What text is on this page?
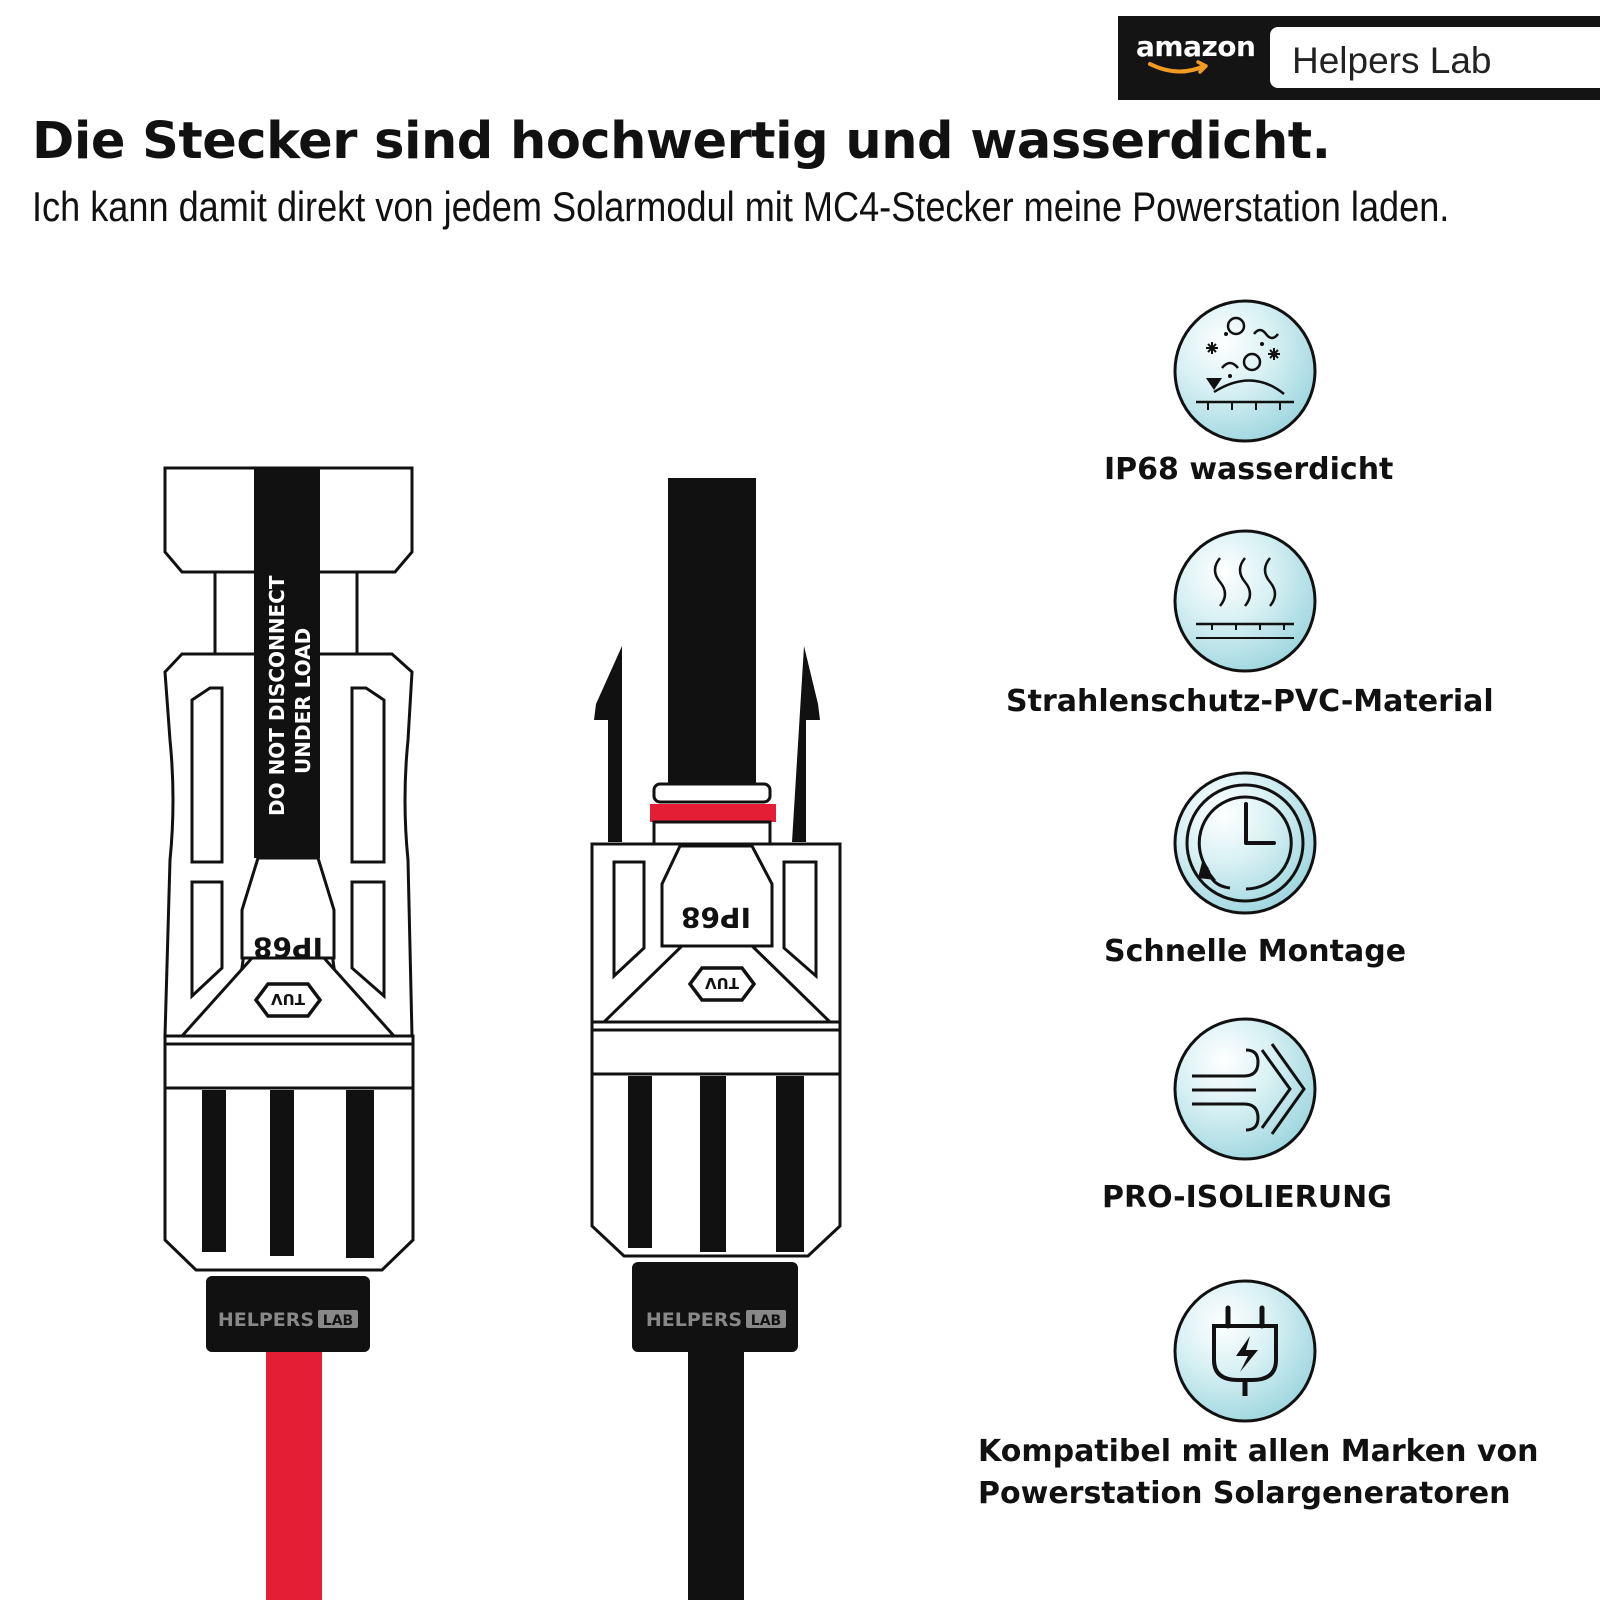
amazon Helpers Lab
Die Stecker sind hochwertig und wasserdicht.

Ich kann damit direkt von jedem Solarmodul mit MC4-Stecker meine Powerstation laden.

DO NOT DISCONNECT UNDER LOAD
IP68
TUV
HELPERS LAB
IP68
TUV
HELPERS LAB
IP68 wasserdicht
Strahlenschutz-PVC-Material
Schnelle Montage
PRO-ISOLIERUNG
Kompatibel mit allen Marken von
Powerstation Solargeneratoren
